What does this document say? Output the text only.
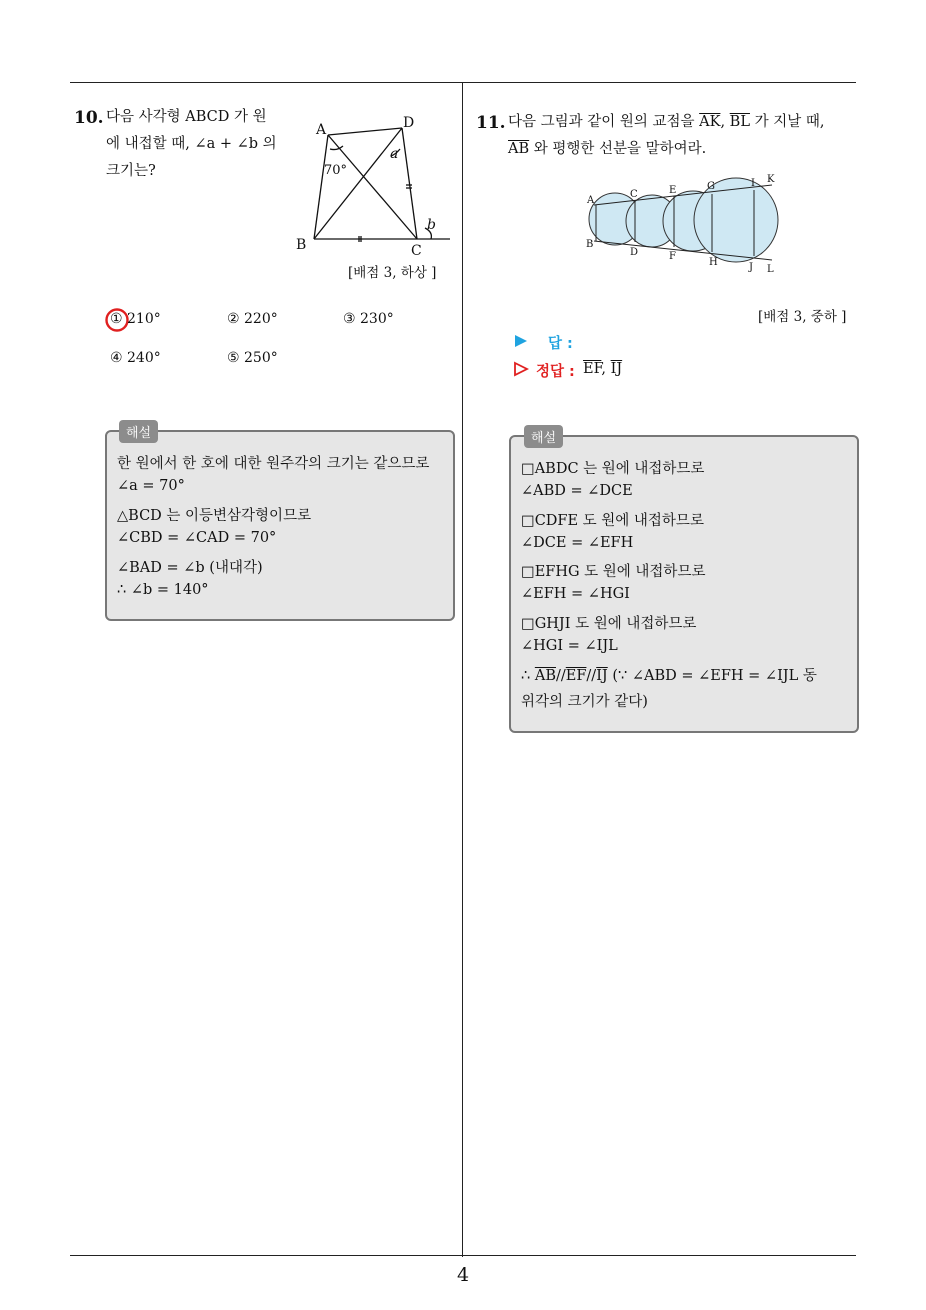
4
10. 다음 사각형 ABCD 가 원
에 내접할 때, ∠a + ∠b 의
크기는?
A	D
B	C
70°
a
b
[배점 3, 하상 ]
① 210°	② 220°	③ 230°
④ 240°	⑤ 250°
해설
한 원에서 한 호에 대한 원주각의 크기는 같으므로
∠a = 70°
△BCD 는 이등변삼각형이므로
∠CBD = ∠CAD = 70°
∠BAD = ∠b (내대각)
∴ ∠b = 140°
11. 다음 그림과 같이 원의 교점을 $\overline{AK}$, $\overline{BL}$ 가 지날 때,
$\overline{AB}$ 와 평행한 선분을 말하여라.
A
B
C
D
E
F
G
H
I
J
K
L
[배점 3, 중하 ]
답 :
정답 : $\overline{EF}$, $\overline{IJ}$
해설
□ABDC 는 원에 내접하므로
∠ABD = ∠DCE
□CDFE 도 원에 내접하므로
∠DCE = ∠EFH
□EFHG 도 원에 내접하므로
∠EFH = ∠HGI
□GHJI 도 원에 내접하므로
∠HGI = ∠IJL
∴ $\overline{AB}//\overline{EF}//\overline{IJ}$ (∵ ∠ABD = ∠EFH = ∠IJL 동
위각의 크기가 같다)
